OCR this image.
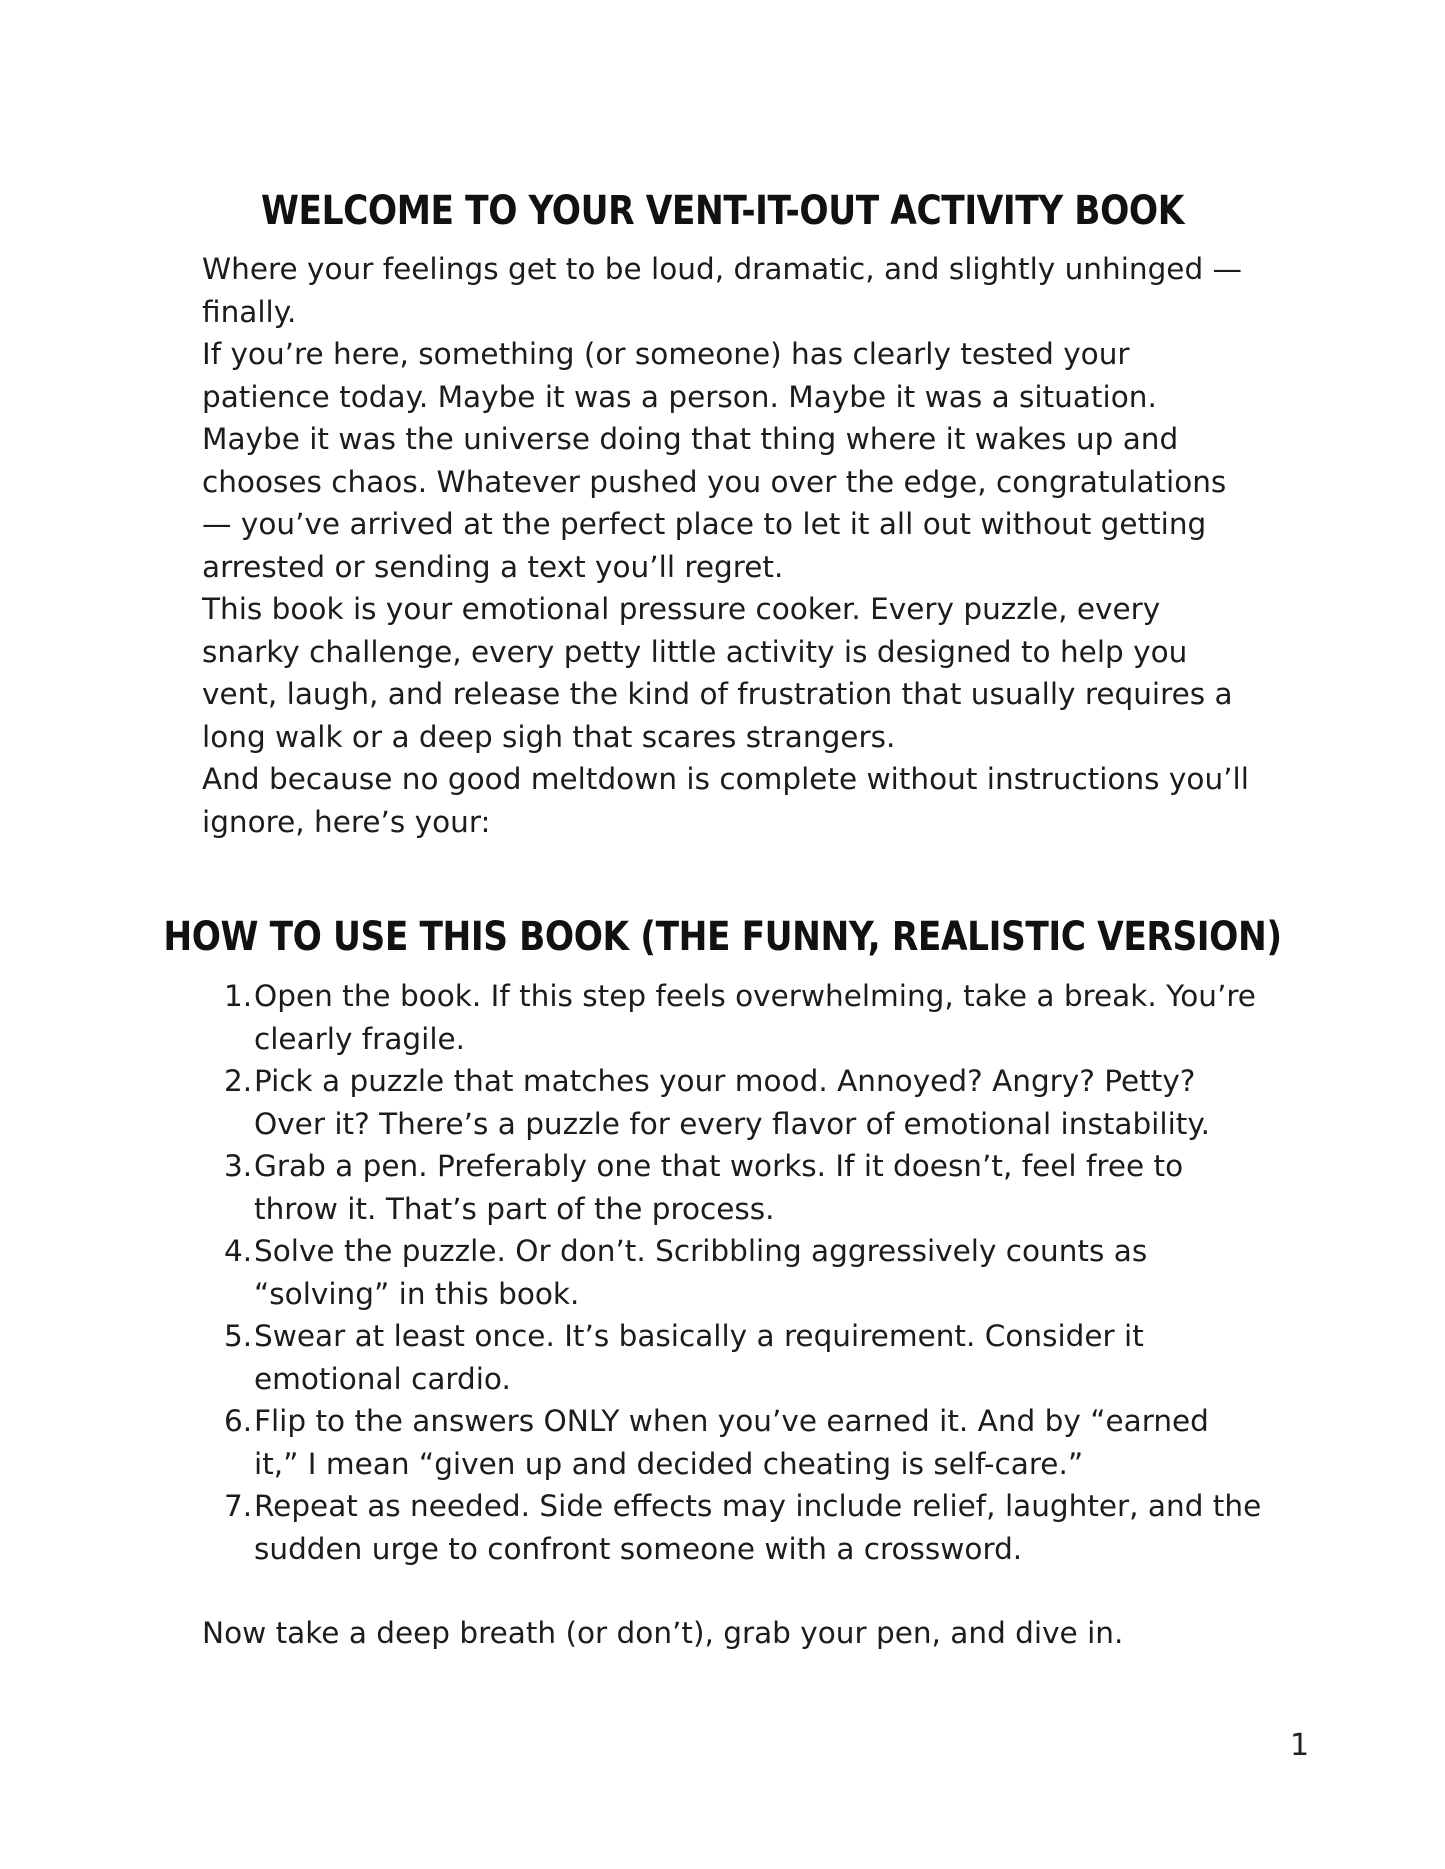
WELCOME TO YOUR VENT-IT-OUT ACTIVITY BOOK

Where your feelings get to be loud, dramatic, and slightly unhinged — finally.

If you’re here, something (or someone) has clearly tested your patience today. Maybe it was a person. Maybe it was a situation. Maybe it was the universe doing that thing where it wakes up and chooses chaos. Whatever pushed you over the edge, congratulations — you’ve arrived at the perfect place to let it all out without getting arrested or sending a text you’ll regret.

This book is your emotional pressure cooker. Every puzzle, every snarky challenge, every petty little activity is designed to help you vent, laugh, and release the kind of frustration that usually requires a long walk or a deep sigh that scares strangers.

And because no good meltdown is complete without instructions you’ll ignore, here’s your:

HOW TO USE THIS BOOK (THE FUNNY, REALISTIC VERSION)
1. Open the book. If this step feels overwhelming, take a break. You’re clearly fragile.
2. Pick a puzzle that matches your mood. Annoyed? Angry? Petty? Over it? There’s a puzzle for every flavor of emotional instability.
3. Grab a pen. Preferably one that works. If it doesn’t, feel free to throw it. That’s part of the process.
4. Solve the puzzle. Or don’t. Scribbling aggressively counts as “solving” in this book.
5. Swear at least once. It’s basically a requirement. Consider it emotional cardio.
6. Flip to the answers ONLY when you’ve earned it. And by “earned it,” I mean “given up and decided cheating is self-care.”
7. Repeat as needed. Side effects may include relief, laughter, and the sudden urge to confront someone with a crossword.

Now take a deep breath (or don’t), grab your pen, and dive in.

1
